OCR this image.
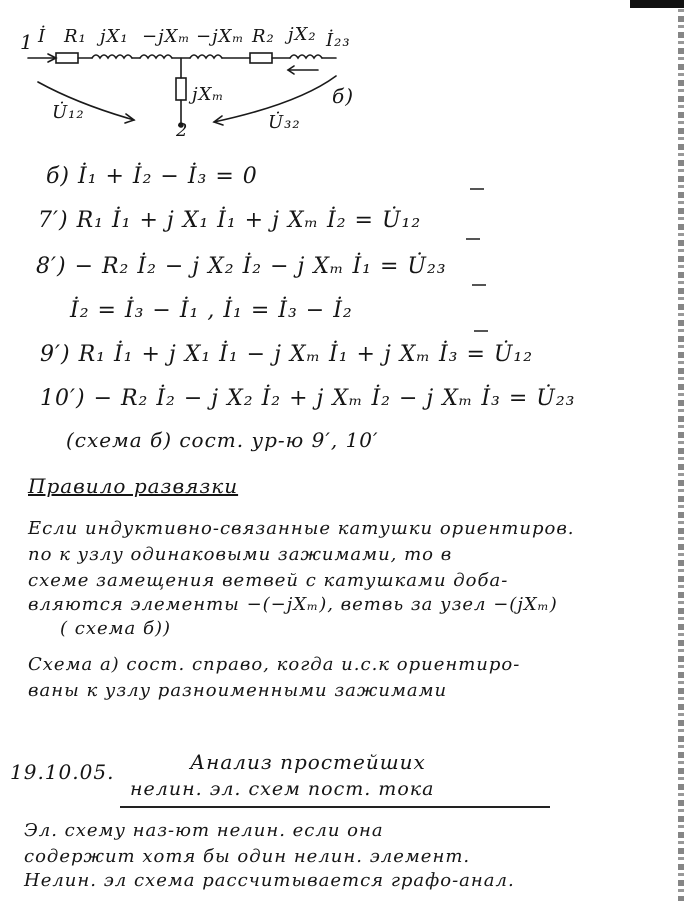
1 İ R₁ jX₁ −jXₘ −jXₘ R₂ jX₂ İ₂₃
jXₘ
U̇₁₂	U̇₃₂
б)
2
б) İ₁ + İ₂ − İ₃ = 0
7′) R₁ İ₁ + j X₁ İ₁ + j Xₘ İ₂ = U̇₁₂
8′) − R₂ İ₂ − j X₂ İ₂ − j Xₘ İ₁ = U̇₂₃
İ₂ = İ₃ − İ₁ , İ₁ = İ₃ − İ₂
9′) R₁ İ₁ + j X₁ İ₁ − j Xₘ İ₁ + j Xₘ İ₃ = U̇₁₂
10′) − R₂ İ₂ − j X₂ İ₂ + j Xₘ İ₂ − j Xₘ İ₃ = U̇₂₃
(схема б) сост. ур-ю 9′, 10′
Правило развязки
Если индуктивно-связанные катушки ориентиров.
по к узлу одинаковыми зажимами, то в
схеме замещения ветвей с катушками доба-
вляются элементы −(−jXₘ), ветвь за узел −(jXₘ)
( схема б))
Схема а) сост. справо, когда и.с.к ориентиро-
ваны к узлу разноименными зажимами
19.10.05.	Анализ простейших
нелин. эл. схем пост. тока
Эл. схему наз-ют нелин. если она
содержит хотя бы один нелин. элемент.
Нелин. эл схема рассчитывается графо-анал.
